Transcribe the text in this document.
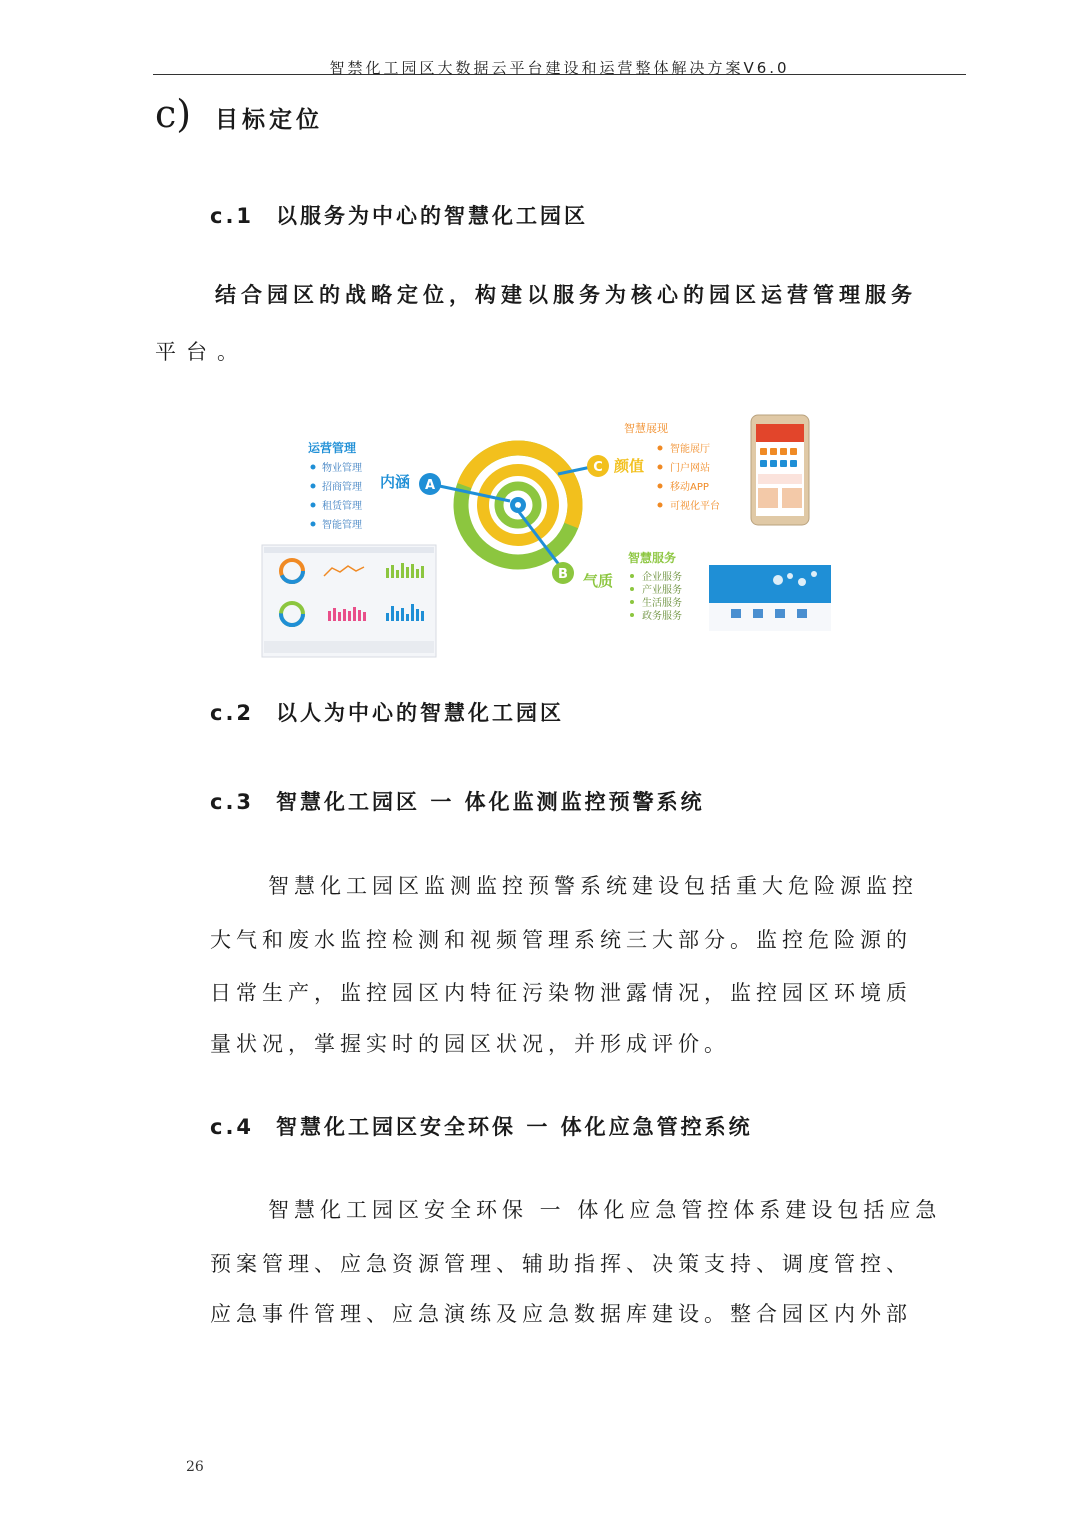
智禁化工园区大数据云平台建设和运营整体解决方案V6.0
c) 目标定位
c.1 以服务为中心的智慧化工园区
结合园区的战略定位，构建以服务为核心的园区运营管理服务
平台。
A
B
C
内涵
气质
颜值
运营管理
物业管理
招商管理
租赁管理
智能管理
智慧展现
智能展厅
门户网站
移动APP
可视化平台
智慧服务
企业服务
产业服务
生活服务
政务服务
c.2 以人为中心的智慧化工园区
c.3 智慧化工园区 一 体化监测监控预警系统
智慧化工园区监测监控预警系统建设包括重大危险源监控
大气和废水监控检测和视频管理系统三大部分。监控危险源的
日常生产，监控园区内特征污染物泄露情况，监控园区环境质
量状况，掌握实时的园区状况，并形成评价。
c.4 智慧化工园区安全环保 一 体化应急管控系统
智慧化工园区安全环保 一 体化应急管控体系建设包括应急
预案管理、应急资源管理、辅助指挥、决策支持、调度管控、
应急事件管理、应急演练及应急数据库建设。整合园区内外部
26
